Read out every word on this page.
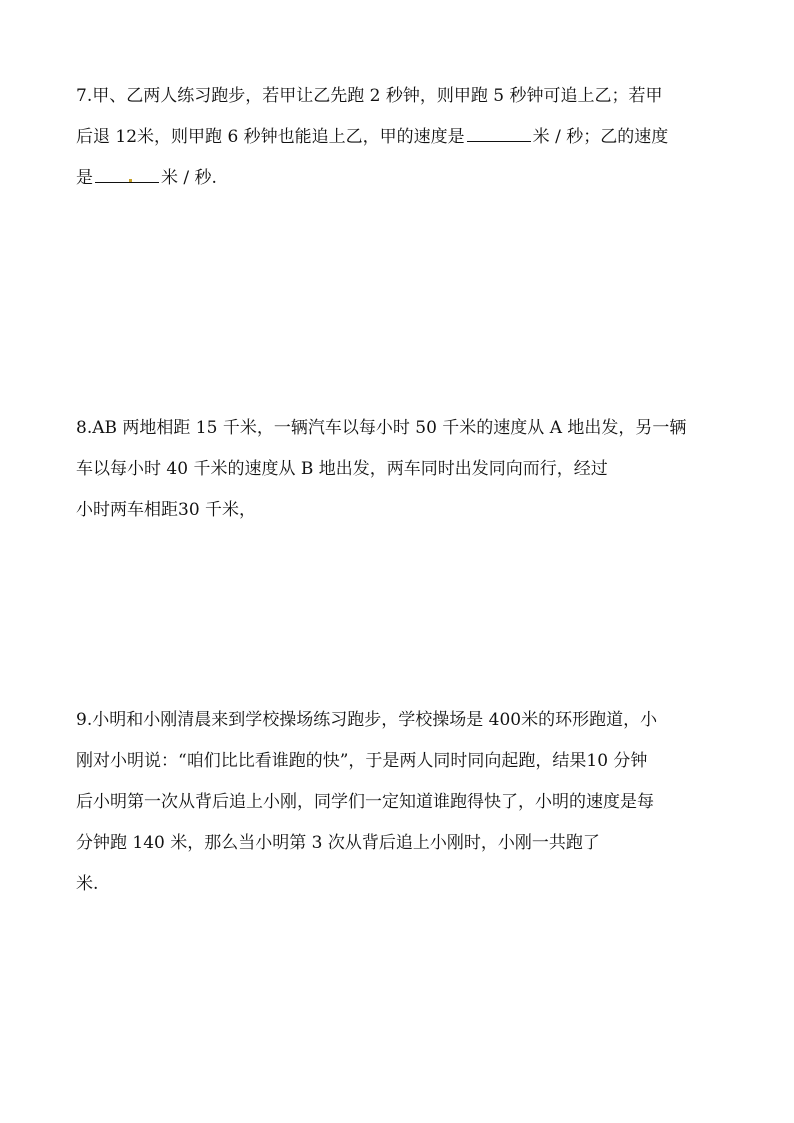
7.甲、乙两人练习跑步，若甲让乙先跑 2 秒钟，则甲跑 5 秒钟可追上乙；若甲
后退 12米，则甲跑 6 秒钟也能追上乙，甲的速度是	米 / 秒；乙的速度
是	米 / 秒.
8.AB 两地相距 15 千米，一辆汽车以每小时 50 千米的速度从 A 地出发，另一辆
车以每小时 40 千米的速度从 B 地出发，两车同时出发同向而行，经过
小时两车相距30 千米，
9.小明和小刚清晨来到学校操场练习跑步，学校操场是 400米的环形跑道，小
刚对小明说：“咱们比比看谁跑的快”，于是两人同时同向起跑，结果10 分钟
后小明第一次从背后追上小刚，同学们一定知道谁跑得快了，小明的速度是每
分钟跑 140 米，那么当小明第 3 次从背后追上小刚时，小刚一共跑了
米.
